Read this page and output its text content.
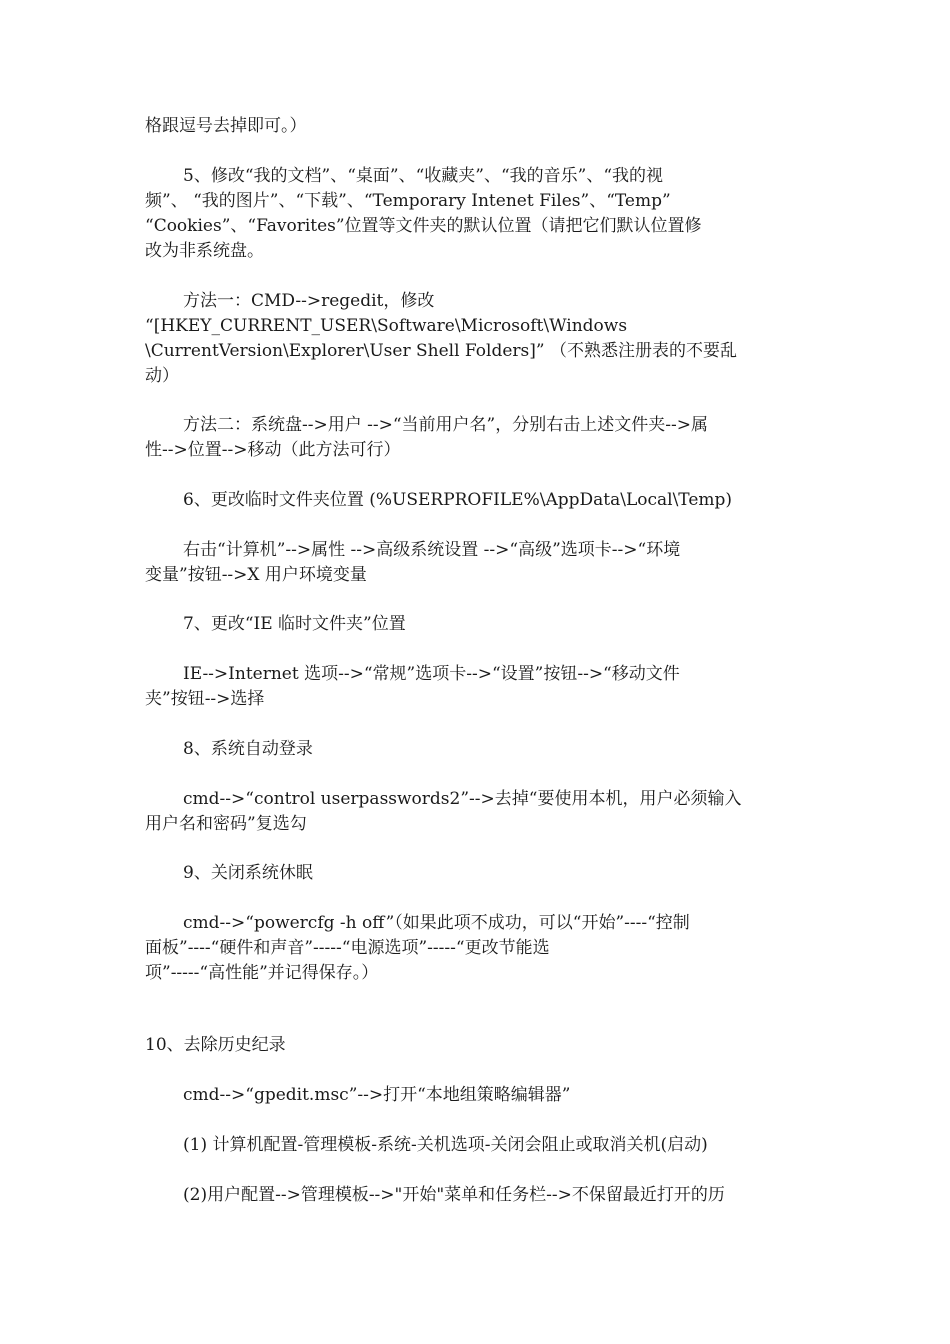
格跟逗号去掉即可。）
5、修改“我的文档”、“桌面”、“收藏夹”、“我的音乐”、“我的视
频”、 “我的图片”、“下载”、“Temporary Intenet Files”、“Temp”
“Cookies”、“Favorites”位置等文件夹的默认位置（请把它们默认位置修
改为非系统盘。
方法一：CMD-->regedit，修改
“[HKEY_CURRENT_USER\Software\Microsoft\Windows
\CurrentVersion\Explorer\User Shell Folders]” （不熟悉注册表的不要乱
动）
方法二：系统盘-->用户 -->“当前用户名”，分别右击上述文件夹-->属
性-->位置-->移动（此方法可行）
6、更改临时文件夹位置 (%USERPROFILE%\AppData\Local\Temp)
右击“计算机”-->属性 -->高级系统设置 -->“高级”选项卡-->“环境
变量”按钮-->X 用户环境变量
7、更改“IE 临时文件夹”位置
IE-->Internet 选项-->“常规”选项卡-->“设置”按钮-->“移动文件
夹”按钮-->选择
8、系统自动登录
cmd-->“control userpasswords2”-->去掉“要使用本机，用户必须输入
用户名和密码”复选勾
9、关闭系统休眠
cmd-->“powercfg -h off”（如果此项不成功，可以“开始”----“控制
面板”----“硬件和声音”-----“电源选项”-----“更改节能选
项”-----“高性能”并记得保存。）
10、去除历史纪录
cmd-->“gpedit.msc”-->打开“本地组策略编辑器”
(1) 计算机配置-管理模板-系统-关机选项-关闭会阻止或取消关机(启动)
(2)用户配置-->管理模板-->"开始"菜单和任务栏-->不保留最近打开的历
